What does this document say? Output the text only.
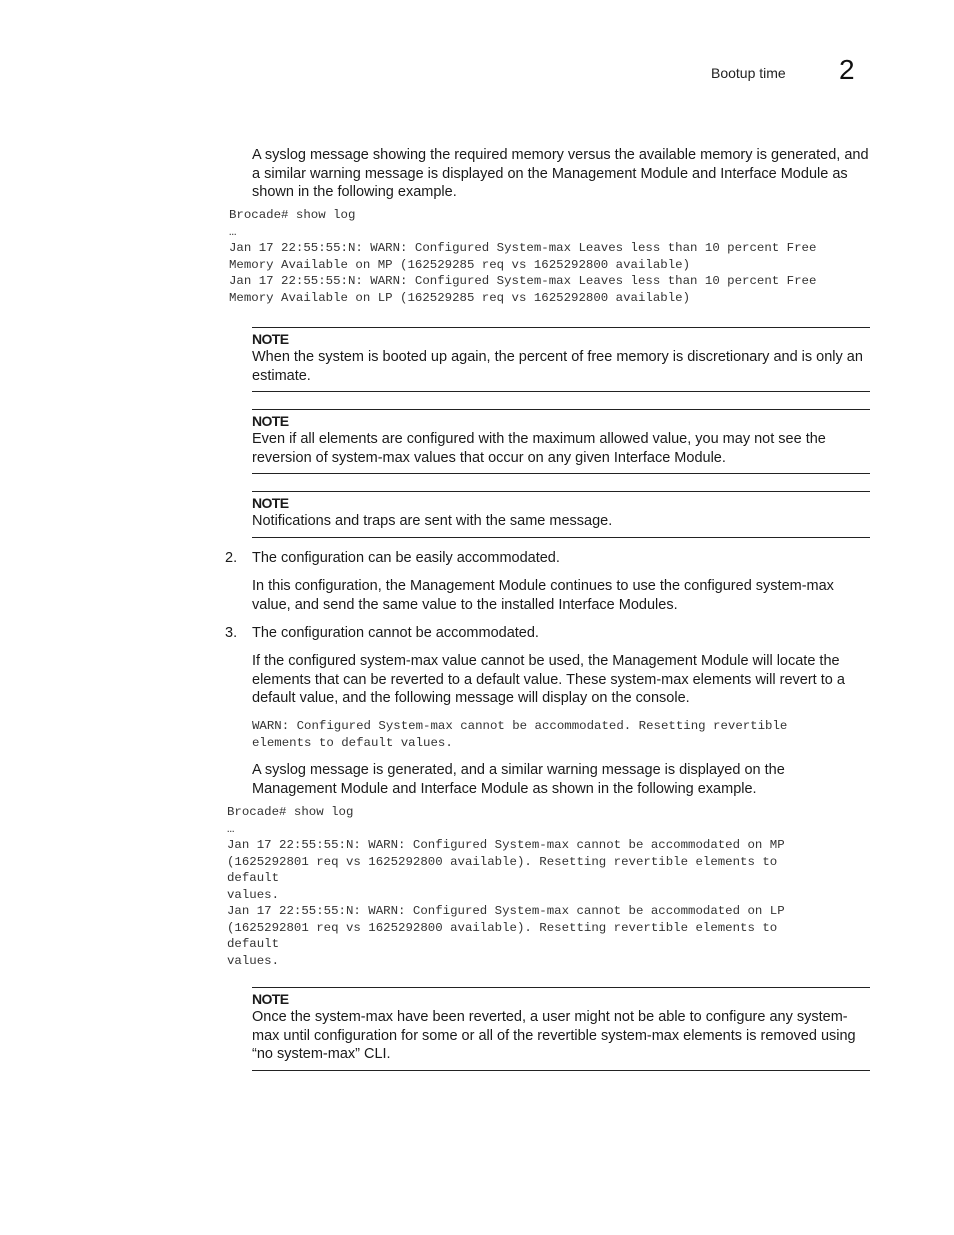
Bootup time 2

A syslog message showing the required memory versus the available memory is generated, and a similar warning message is displayed on the Management Module and Interface Module as shown in the following example.

Brocade# show log
…
Jan 17 22:55:55:N: WARN: Configured System-max Leaves less than 10 percent Free
Memory Available on MP (162529285 req vs 1625292800 available)
Jan 17 22:55:55:N: WARN: Configured System-max Leaves less than 10 percent Free
Memory Available on LP (162529285 req vs 1625292800 available)
NOTE
When the system is booted up again, the percent of free memory is discretionary and is only an estimate.
NOTE
Even if all elements are configured with the maximum allowed value, you may not see the reversion of system-max values that occur on any given Interface Module.
NOTE
Notifications and traps are sent with the same message.
2. The configuration can be easily accommodated.

In this configuration, the Management Module continues to use the configured system-max value, and send the same value to the installed Interface Modules.

3. The configuration cannot be accommodated.

If the configured system-max value cannot be used, the Management Module will locate the elements that can be reverted to a default value. These system-max elements will revert to a default value, and the following message will display on the console.

WARN: Configured System-max cannot be accommodated. Resetting revertible
elements to default values.

A syslog message is generated, and a similar warning message is displayed on the Management Module and Interface Module as shown in the following example.

Brocade# show log
…
Jan 17 22:55:55:N: WARN: Configured System-max cannot be accommodated on MP
(1625292801 req vs 1625292800 available). Resetting revertible elements to
default
values.
Jan 17 22:55:55:N: WARN: Configured System-max cannot be accommodated on LP
(1625292801 req vs 1625292800 available). Resetting revertible elements to
default
values.
NOTE
Once the system-max have been reverted, a user might not be able to configure any system-max until configuration for some or all of the revertible system-max elements is removed using “no system-max” CLI.
